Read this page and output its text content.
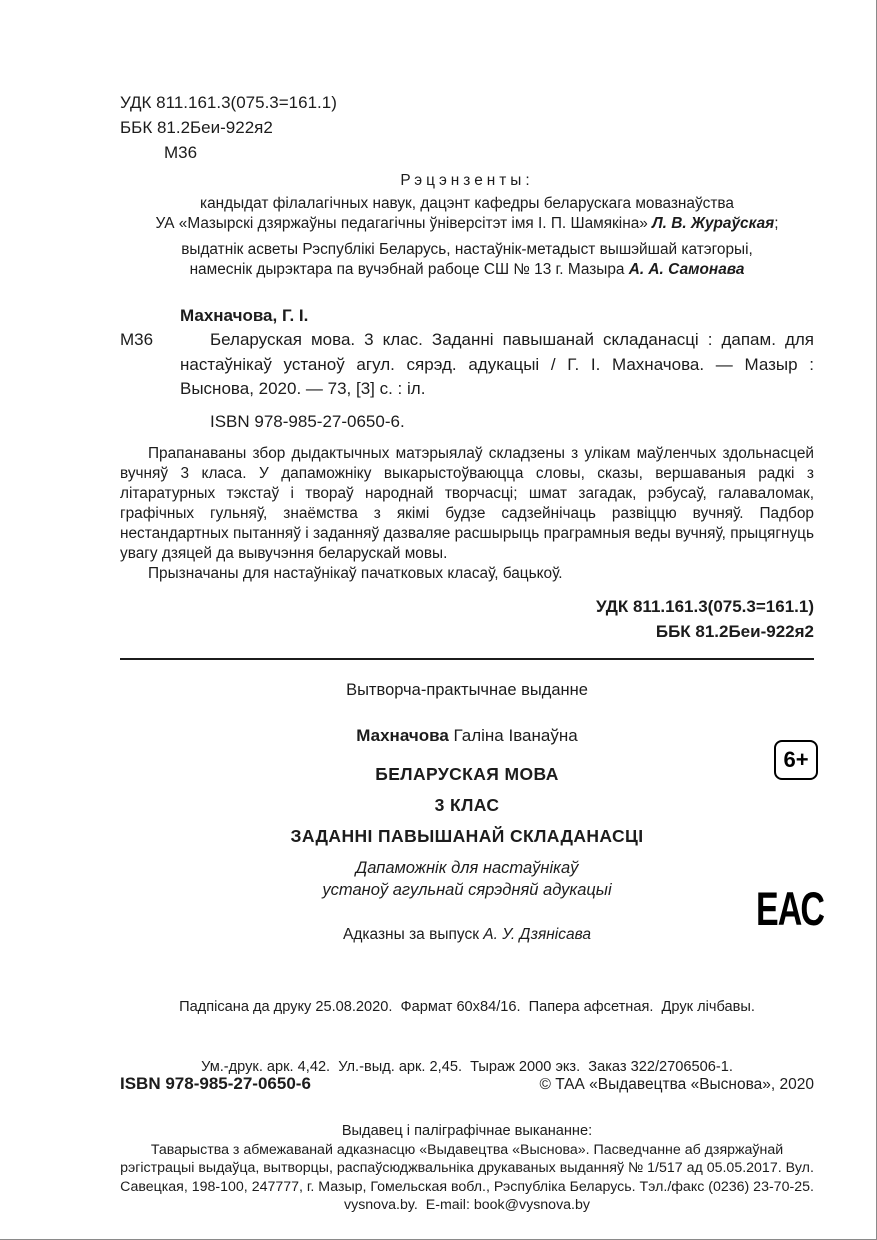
УДК 811.161.3(075.3=161.1)
ББК 81.2Беи-922я2
М36
Рэцэнзенты:
кандыдат філалагічных навук, дацэнт кафедры беларускага мовазнаўства
УА «Мазырскі дзяржаўны педагагічны ўніверсітэт імя І. П. Шамякіна» Л. В. Жураўская;
выдатнік асветы Рэспублікі Беларусь, настаўнік-метадыст вышэйшай катэгорыі,
намеснік дырэктара па вучэбнай рабоце СШ № 13 г. Мазыра А. А. Самонава
Махначова, Г. І.
М36	Беларуская мова. 3 клас. Заданні павышанай складанасці : дапам. для настаўнікаў устаноў агул. сярэд. адукацыі / Г. І. Махначова. — Мазыр : Выснова, 2020. — 73, [3] с. : іл.
ISBN 978-985-27-0650-6.

Прапанаваны збор дыдактычных матэрыялаў складзены з улікам маўленчых здольнасцей вучняў 3 класа. У дапаможніку выкарыстоўваюцца словы, сказы, вершаваныя радкі з літаратурных тэкстаў і твораў народнай творчасці; шмат загадак, рэбусаў, галаваломак, графічных гульняў, знаёмства з якімі будзе садзейнічаць развіццю вучняў. Падбор нестандартных пытанняў і заданняў дазваляе расшырыць праграмныя веды вучняў, прыцягнуць увагу дзяцей да вывучэння беларускай мовы.

Прызначаны для настаўнікаў пачатковых класаў, бацькоў.

УДК 811.161.3(075.3=161.1)
ББК 81.2Беи-922я2
Вытворча-практычнае выданне
Махначова Галіна Іванаўна
БЕЛАРУСКАЯ МОВА
3 КЛАС
ЗАДАННІ ПАВЫШАНАЙ СКЛАДАНАСЦІ
Дапаможнік для настаўнікаў
устаноў агульнай сярэдняй адукацыі
Адказны за выпуск А. У. Дзянісава

Падпісана да друку 25.08.2020.  Фармат 60х84/16.  Папера афсетная.  Друк лічбавы.

Ум.-друк. арк. 4,42.  Ул.-выд. арк. 2,45.  Тыраж 2000 экз.  Заказ 322/2706506-1.

Выдавец і паліграфічнае выкананне:
Таварыства з абмежаванай адказнасцю «Выдавецтва «Выснова». Пасведчанне аб дзяржаўнай рэгістрацыі выдаўца, вытворцы, распаўсюджвальніка друкаваных выданняў № 1/517 ад 05.05.2017. Вул. Савецкая, 198-100, 247777, г. Мазыр, Гомельская вобл., Рэспубліка Беларусь. Тэл./факс (0236) 23-70-25.
vysnova.by.  E-mail: book@vysnova.by
ISBN 978-985-27-0650-6	© ТАА «Выдавецтва «Выснова», 2020
6+
ЕАС
